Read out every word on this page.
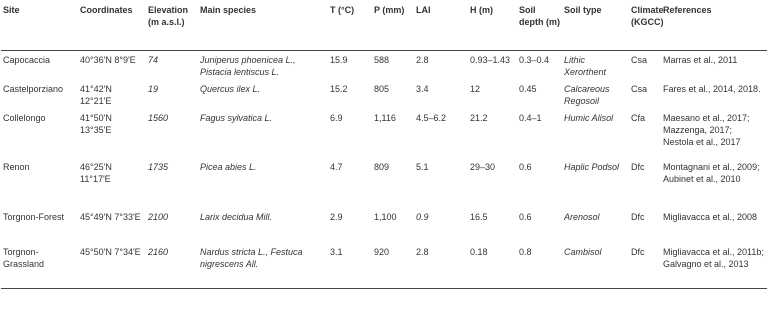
Site	Coordinates	Elevation (m a.s.l.)	Main species	T (°C)	P (mm)	LAI	H (m)	Soil depth (m)	Soil type	Climate (KGCC)	References
Capocaccia	40°36'N 8°9'E	74	Juniperus phoenicea L., Pistacia lentiscus L.	15.9	588	2.8	0.93–1.43	0.3–0.4	Lithic Xerorthent	Csa	Marras et al., 2011
Castelporziano	41°42'N 12°21'E	19	Quercus ilex L.	15.2	805	3.4	12	0.45	Calcareous Regosoil	Csa	Fares et al., 2014, 2018.
Collelongo	41°50'N 13°35'E	1560	Fagus sylvatica L.	6.9	1,116	4.5–6.2	21.2	0.4–1	Humic Alisol	Cfa	Maesano et al., 2017; Mazzenga, 2017; Nestola et al., 2017
Renon	46°25'N 11°17'E	1735	Picea abies L.	4.7	809	5.1	29–30	0.6	Haplic Podsol	Dfc	Montagnani et al., 2009; Aubinet et al., 2010
Torgnon-Forest	45°49'N 7°33'E	2100	Larix decidua Mill.	2.9	1,100	0.9	16.5	0.6	Arenosol	Dfc	Migliavacca et al., 2008
Torgnon-Grassland	45°50'N 7°34'E	2160	Nardus stricta L., Festuca nigrescens All.	3.1	920	2.8	0.18	0.8	Cambisol	Dfc	Migliavacca et al., 2011b; Galvagno et al., 2013
